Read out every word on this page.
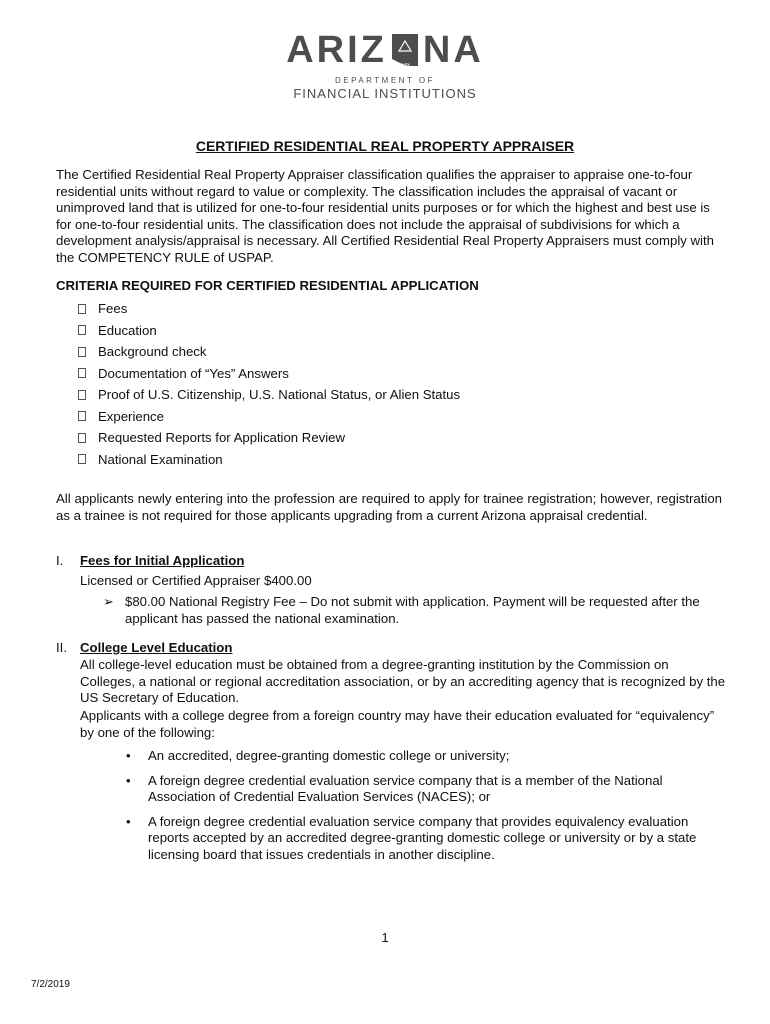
ARIZ	DFI NA
DEPARTMENT OF
FINANCIAL INSTITUTIONS
CERTIFIED RESIDENTIAL REAL PROPERTY APPRAISER
The Certified Residential Real Property Appraiser classification qualifies the appraiser to appraise one-to-four residential units without regard to value or complexity. The classification includes the appraisal of vacant or unimproved land that is utilized for one-to-four residential units purposes or for which the highest and best use is for one-to-four residential units. The classification does not include the appraisal of subdivisions for which a development analysis/appraisal is necessary. All Certified Residential Real Property Appraisers must comply with the COMPETENCY RULE of USPAP.
CRITERIA REQUIRED FOR CERTIFIED RESIDENTIAL APPLICATION
Fees
Education
Background check
Documentation of “Yes” Answers
Proof of U.S. Citizenship, U.S. National Status, or Alien Status
Experience
Requested Reports for Application Review
National Examination
All applicants newly entering into the profession are required to apply for trainee registration; however, registration as a trainee is not required for those applicants upgrading from a current Arizona appraisal credential.
I.	Fees for Initial Application
Licensed or Certified Appraiser $400.00
➢ $80.00 National Registry Fee – Do not submit with application. Payment will be requested after the applicant has passed the national examination.
II. College Level Education
All college-level education must be obtained from a degree-granting institution by the Commission on Colleges, a national or regional accreditation association, or by an accrediting agency that is recognized by the US Secretary of Education.
Applicants with a college degree from a foreign country may have their education evaluated for “equivalency” by one of the following:
• An accredited, degree-granting domestic college or university;
• A foreign degree credential evaluation service company that is a member of the National Association of Credential Evaluation Services (NACES); or
• A foreign degree credential evaluation service company that provides equivalency evaluation reports accepted by an accredited degree-granting domestic college or university or by a state licensing board that issues credentials in another discipline.
1
7/2/2019
